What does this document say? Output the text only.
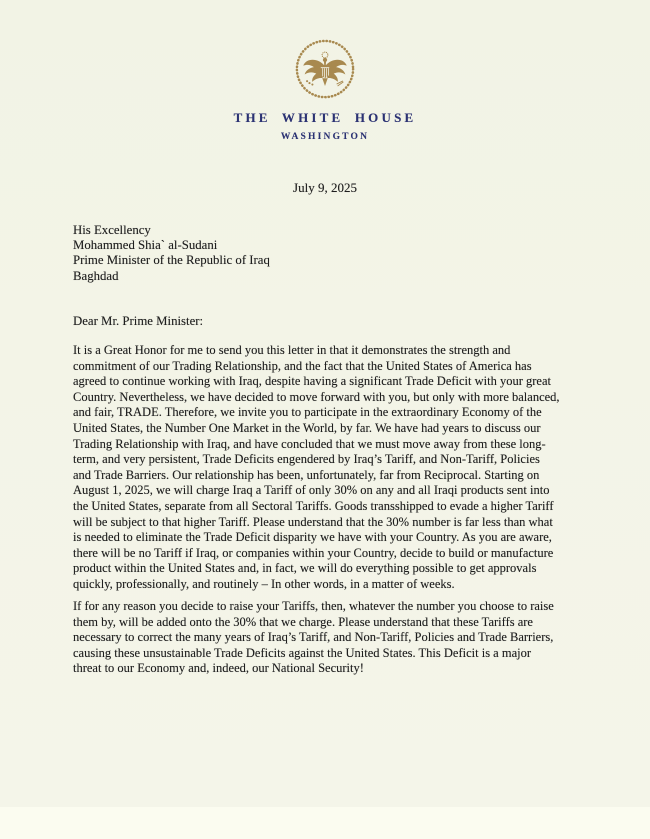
THE WHITE HOUSE
WASHINGTON
July 9, 2025
His Excellency
Mohammed Shia` al-Sudani
Prime Minister of the Republic of Iraq
Baghdad
Dear Mr. Prime Minister:
It is a Great Honor for me to send you this letter in that it demonstrates the strength and
commitment of our Trading Relationship, and the fact that the United States of America has
agreed to continue working with Iraq, despite having a significant Trade Deficit with your great
Country. Nevertheless, we have decided to move forward with you, but only with more balanced,
and fair, TRADE. Therefore, we invite you to participate in the extraordinary Economy of the
United States, the Number One Market in the World, by far. We have had years to discuss our
Trading Relationship with Iraq, and have concluded that we must move away from these long-
term, and very persistent, Trade Deficits engendered by Iraq’s Tariff, and Non-Tariff, Policies
and Trade Barriers. Our relationship has been, unfortunately, far from Reciprocal. Starting on
August 1, 2025, we will charge Iraq a Tariff of only 30% on any and all Iraqi products sent into
the United States, separate from all Sectoral Tariffs. Goods transshipped to evade a higher Tariff
will be subject to that higher Tariff. Please understand that the 30% number is far less than what
is needed to eliminate the Trade Deficit disparity we have with your Country. As you are aware,
there will be no Tariff if Iraq, or companies within your Country, decide to build or manufacture
product within the United States and, in fact, we will do everything possible to get approvals
quickly, professionally, and routinely – In other words, in a matter of weeks.
If for any reason you decide to raise your Tariffs, then, whatever the number you choose to raise
them by, will be added onto the 30% that we charge. Please understand that these Tariffs are
necessary to correct the many years of Iraq’s Tariff, and Non-Tariff, Policies and Trade Barriers,
causing these unsustainable Trade Deficits against the United States. This Deficit is a major
threat to our Economy and, indeed, our National Security!
